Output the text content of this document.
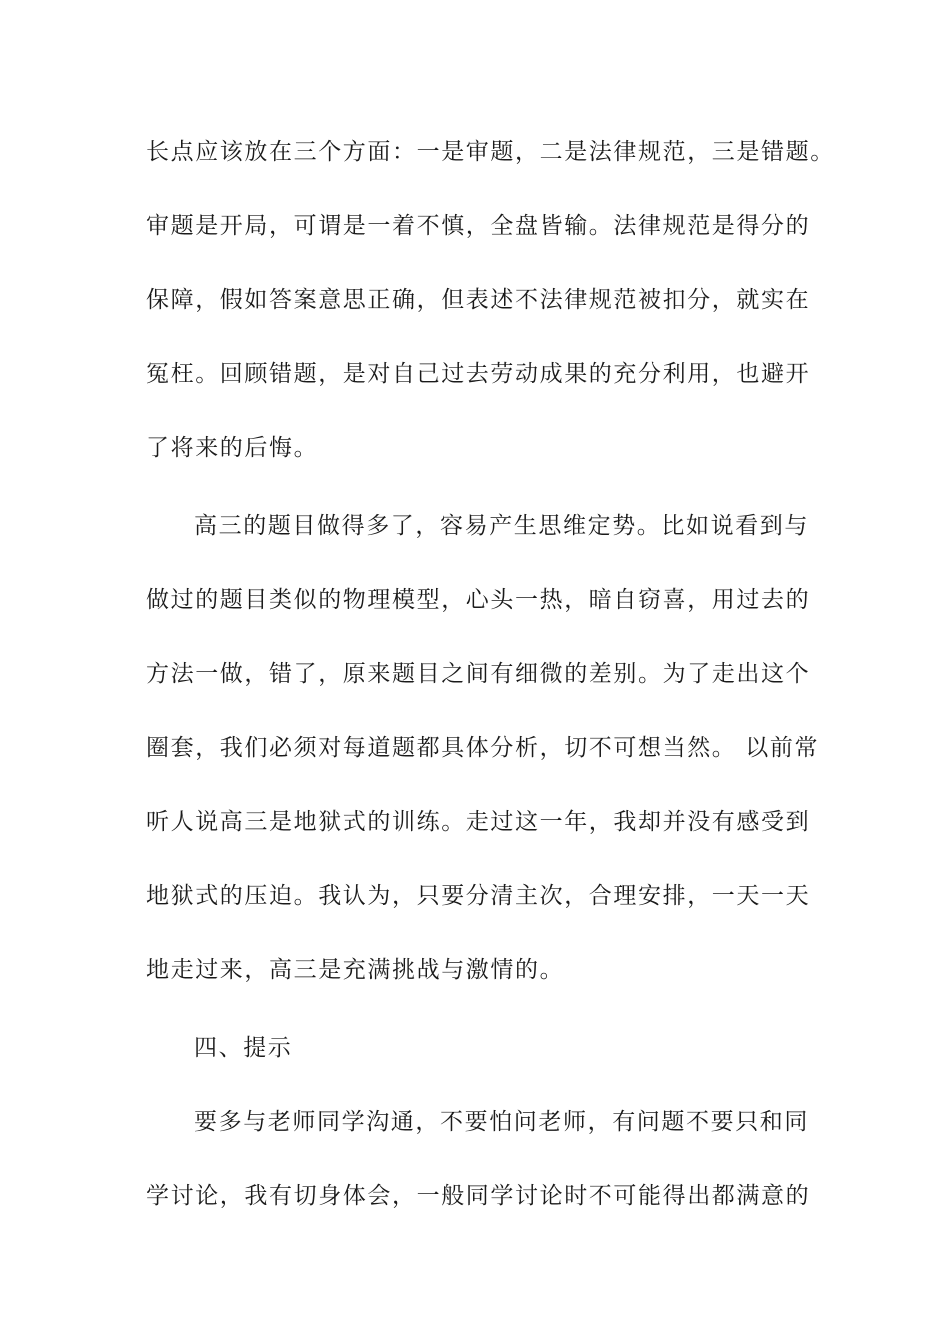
长点应该放在三个方面：一是审题，二是法律规范，三是错题。
审题是开局，可谓是一着不慎，全盘皆输。法律规范是得分的
保障，假如答案意思正确，但表述不法律规范被扣分，就实在
冤枉。回顾错题，是对自己过去劳动成果的充分利用，也避开
了将来的后悔。
高三的题目做得多了，容易产生思维定势。比如说看到与
做过的题目类似的物理模型，心头一热，暗自窃喜，用过去的
方法一做，错了，原来题目之间有细微的差别。为了走出这个
圈套，我们必须对每道题都具体分析，切不可想当然。 以前常
听人说高三是地狱式的训练。走过这一年，我却并没有感受到
地狱式的压迫。我认为，只要分清主次，合理安排，一天一天
地走过来，高三是充满挑战与激情的。
四、提示
要多与老师同学沟通，不要怕问老师，有问题不要只和同
学讨论，我有切身体会，一般同学讨论时不可能得出都满意的
